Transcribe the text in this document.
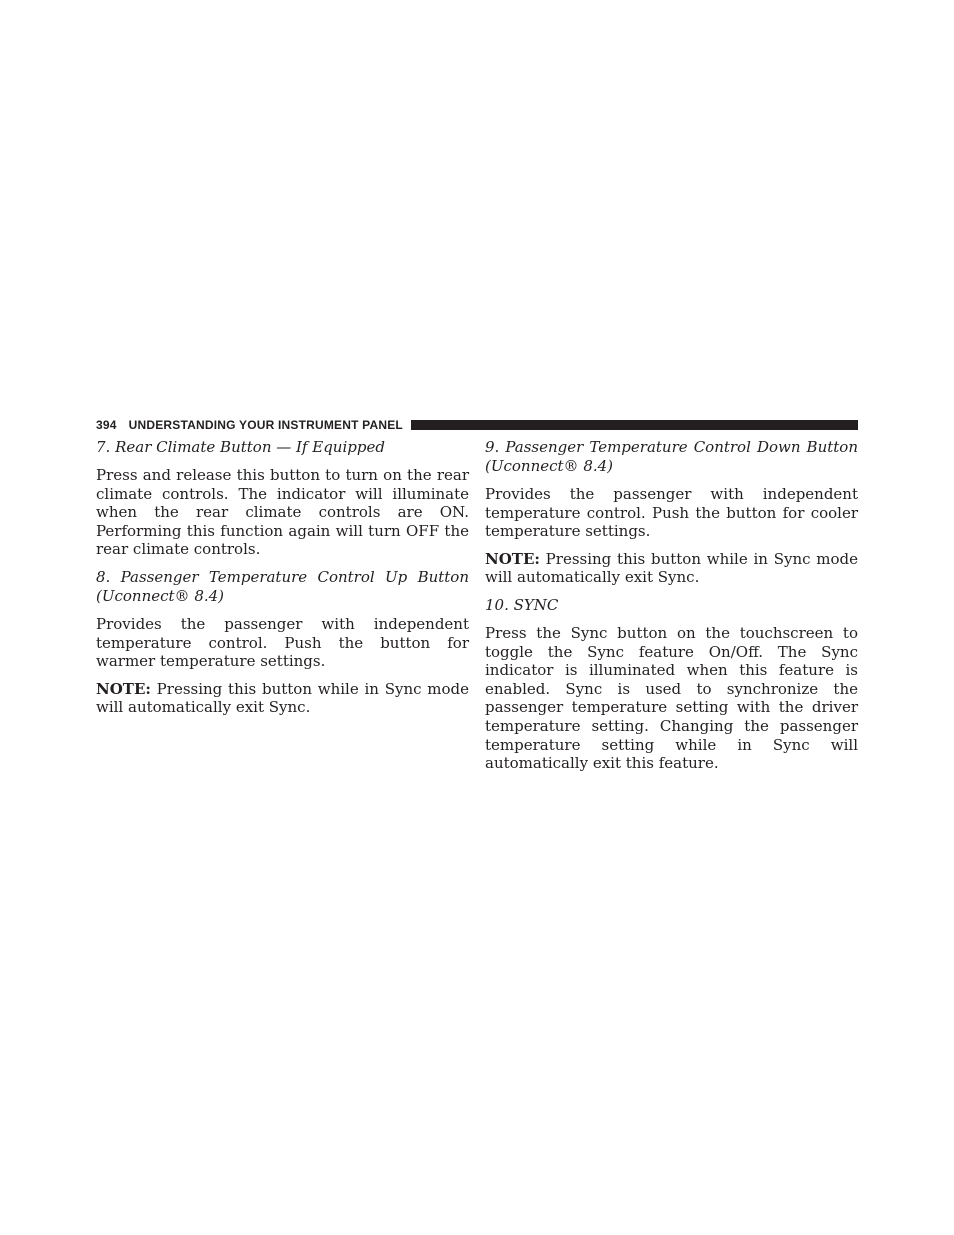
394 UNDERSTANDING YOUR INSTRUMENT PANEL

7. Rear Climate Button — If Equipped

Press and release this button to turn on the rear climate controls. The indicator will illuminate when the rear climate controls are ON. Performing this function again will turn OFF the rear climate controls.

8. Passenger Temperature Control Up Button
(Uconnect® 8.4)

Provides the passenger with independent temperature control. Push the button for warmer temperature settings.

NOTE: Pressing this button while in Sync mode will automatically exit Sync.

9. Passenger Temperature Control Down Button
(Uconnect® 8.4)

Provides the passenger with independent temperature control. Push the button for cooler temperature settings.

NOTE: Pressing this button while in Sync mode will automatically exit Sync.

10. SYNC

Press the Sync button on the touchscreen to toggle the Sync feature On/Off. The Sync indicator is illuminated when this feature is enabled. Sync is used to synchronize the passenger temperature setting with the driver temperature setting. Changing the passenger temperature setting while in Sync will automatically exit this feature.
